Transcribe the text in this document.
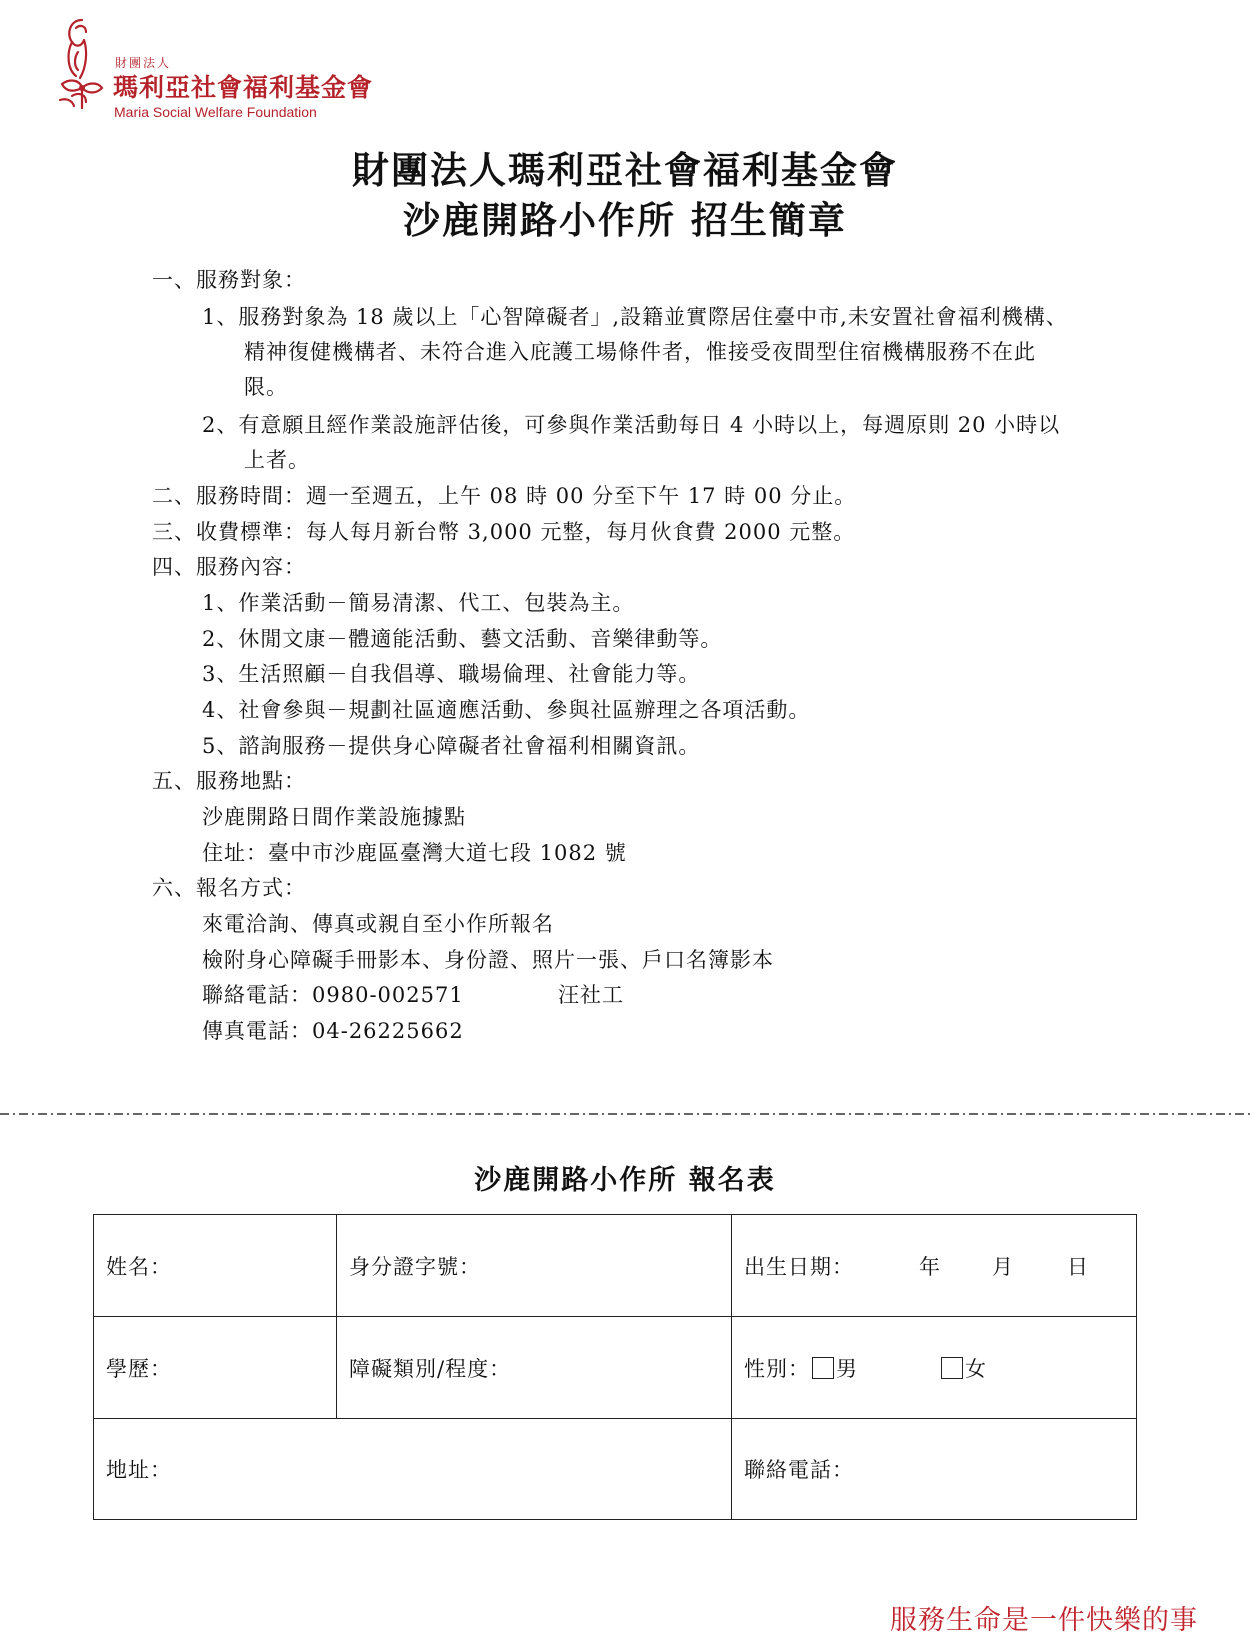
財團法人
瑪利亞社會福利基金會
Maria Social Welfare Foundation
財團法人瑪利亞社會福利基金會
沙鹿開路小作所 招生簡章
一、服務對象：
1、服務對象為 18 歲以上「心智障礙者」,設籍並實際居住臺中市,未安置社會福利機構、
精神復健機構者、未符合進入庇護工場條件者，惟接受夜間型住宿機構服務不在此
限。
2、有意願且經作業設施評估後，可參與作業活動每日 4 小時以上，每週原則 20 小時以
上者。
二、服務時間：週一至週五，上午 08 時 00 分至下午 17 時 00 分止。
三、收費標準：每人每月新台幣 3,000 元整，每月伙食費 2000 元整。
四、服務內容：
1、作業活動－簡易清潔、代工、包裝為主。
2、休閒文康－體適能活動、藝文活動、音樂律動等。
3、生活照顧－自我倡導、職場倫理、社會能力等。
4、社會參與－規劃社區適應活動、參與社區辦理之各項活動。
5、諮詢服務－提供身心障礙者社會福利相關資訊。
五、服務地點：
沙鹿開路日間作業設施據點
住址：臺中市沙鹿區臺灣大道七段 1082 號
六、報名方式：
來電洽詢、傳真或親自至小作所報名
檢附身心障礙手冊影本、身份證、照片一張、戶口名簿影本
聯絡電話：0980-002571	汪社工
傳真電話：04-26225662
沙鹿開路小作所 報名表
姓名：	身分證字號：	出生日期：	年 月	日
學歷：	障礙類別/程度：	性別：	男	女
地址：	聯絡電話：
服務生命是一件快樂的事
